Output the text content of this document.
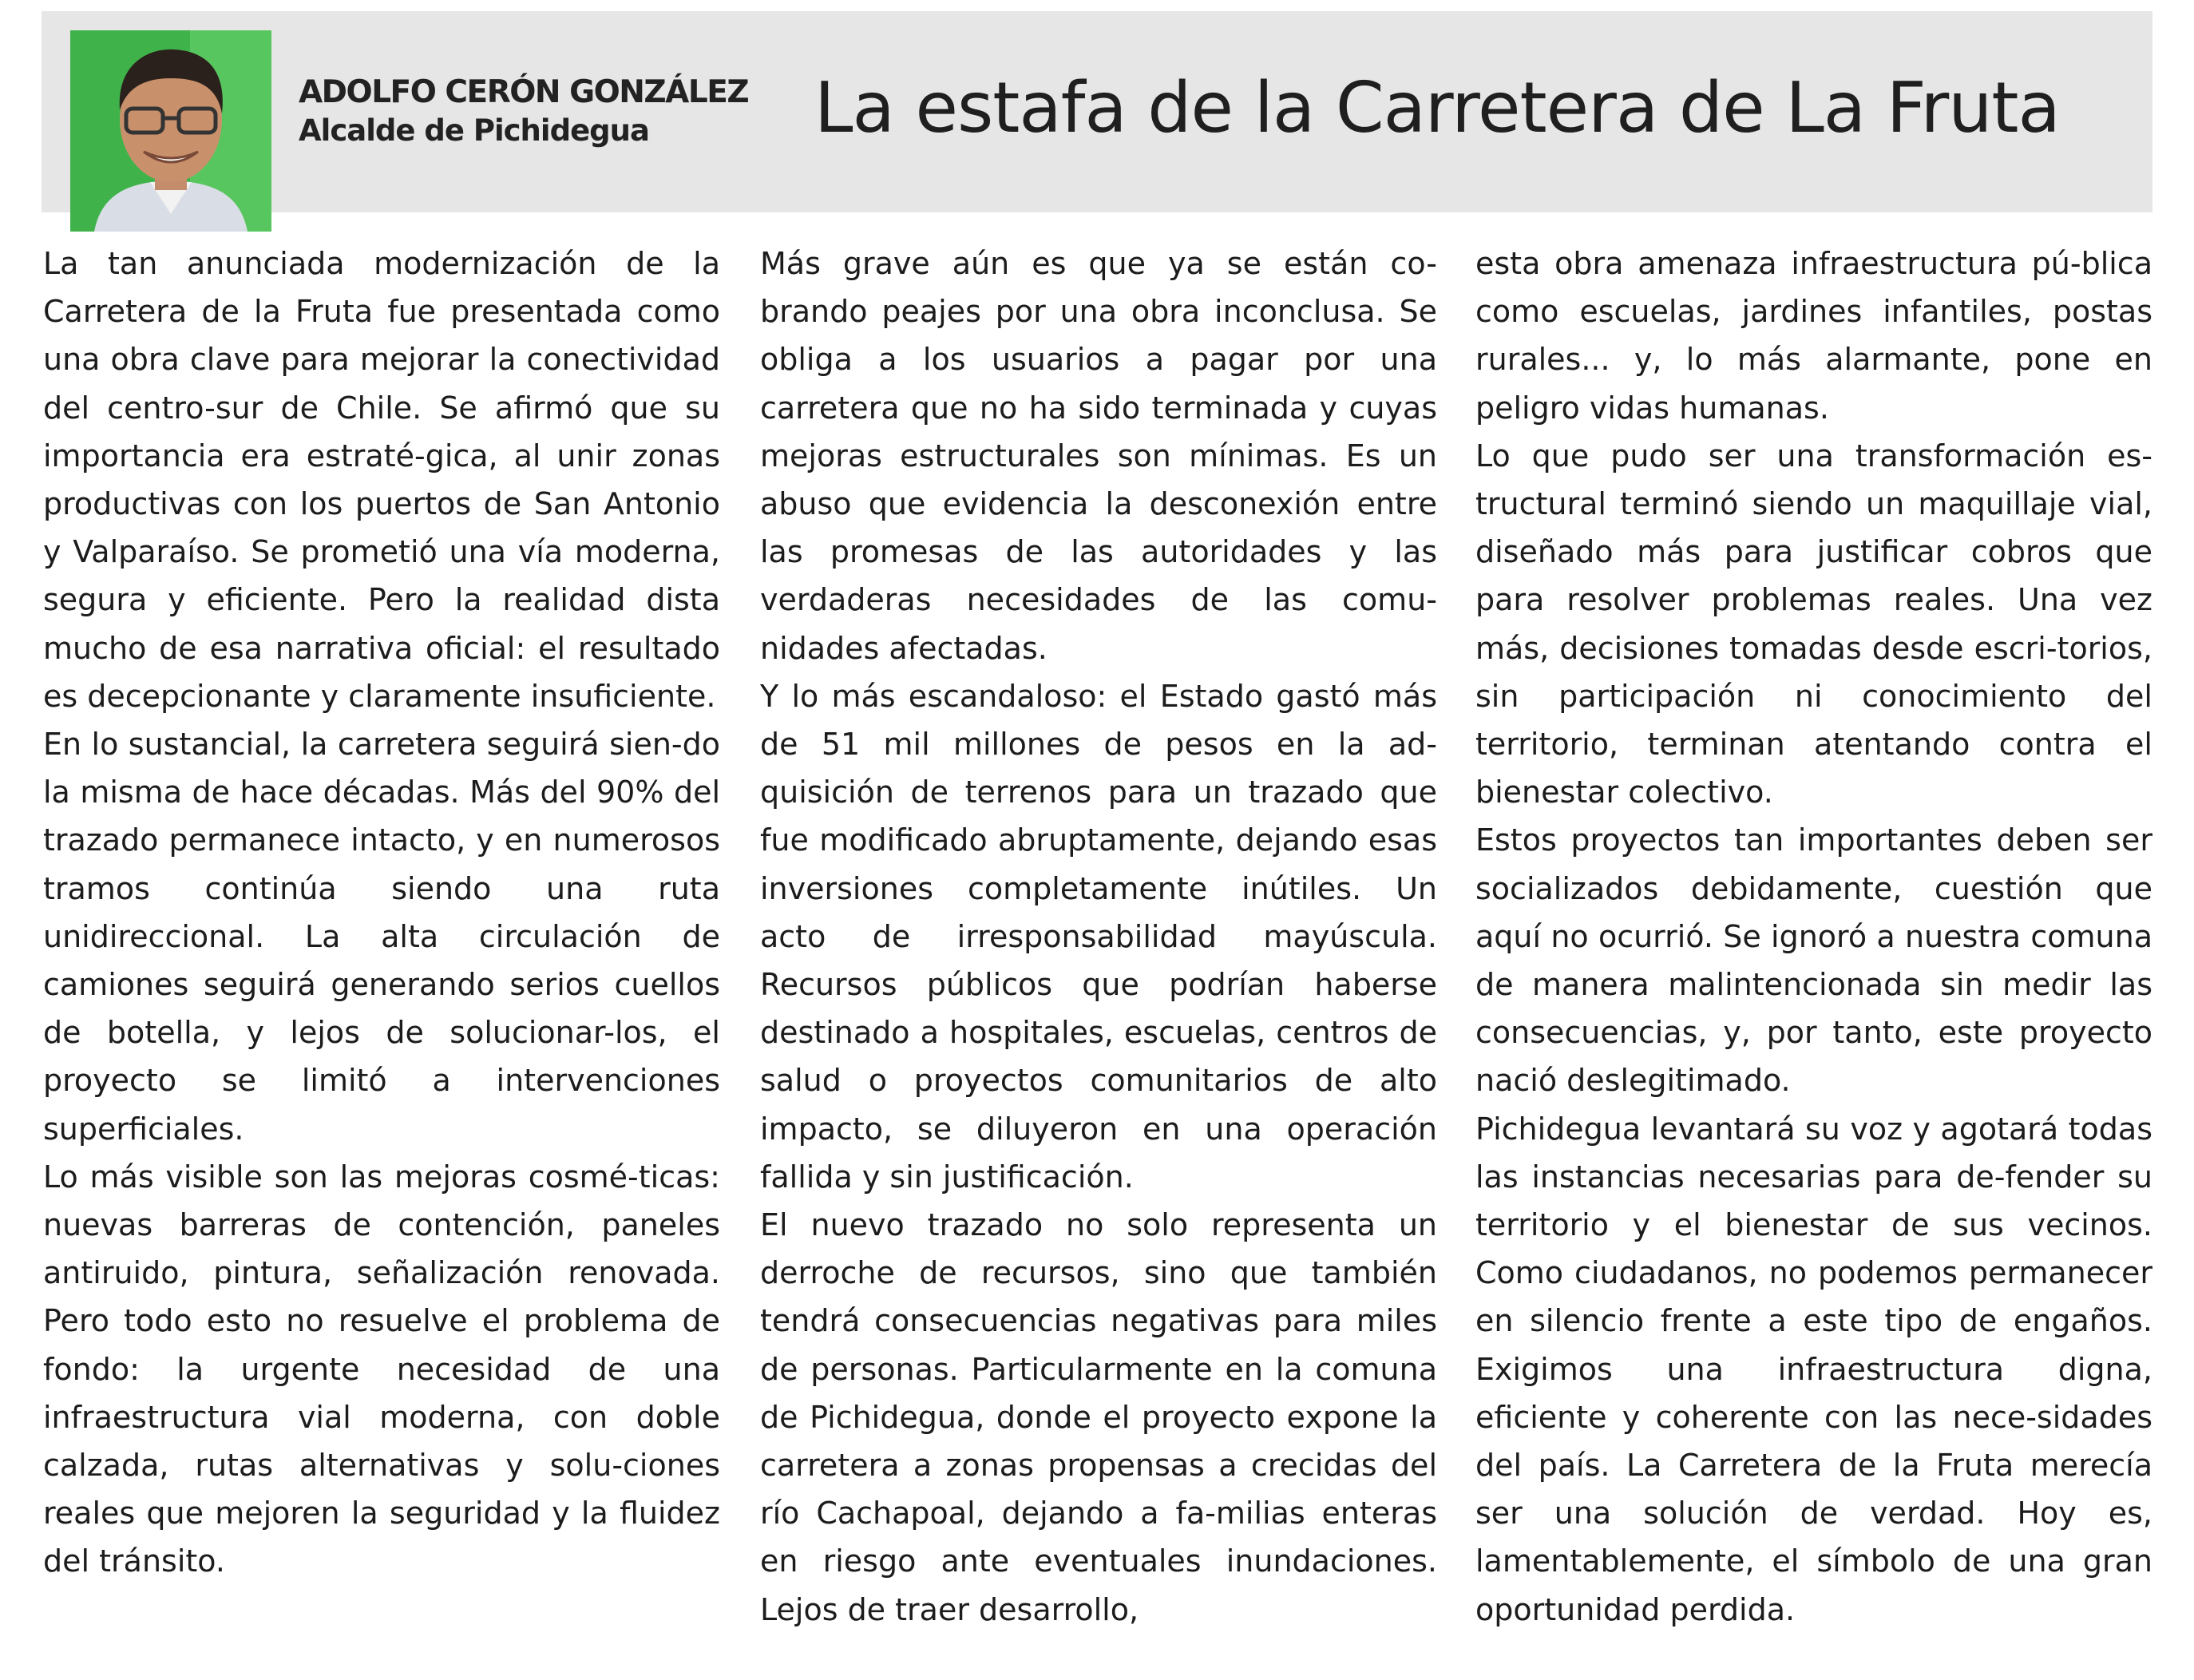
ADOLFO CERÓN GONZÁLEZ
Alcalde de Pichidegua	La estafa de la Carretera de La Fruta

La tan anunciada modernización de la Carretera de la Fruta fue presentada como una obra clave para mejorar la conectividad del centro-sur de Chile. Se afirmó que su importancia era estraté-gica, al unir zonas productivas con los puertos de San Antonio y Valparaíso. Se prometió una vía moderna, segura y eficiente. Pero la realidad dista mucho de esa narrativa oficial: el resultado es decepcionante y claramente insuficiente.

En lo sustancial, la carretera seguirá sien-do la misma de hace décadas. Más del 90% del trazado permanece intacto, y en numerosos tramos continúa siendo una ruta unidireccional. La alta circulación de camiones seguirá generando serios cuellos de botella, y lejos de solucionar-los, el proyecto se limitó a intervenciones superficiales.

Lo más visible son las mejoras cosmé-ticas: nuevas barreras de contención, paneles antiruido, pintura, señalización renovada. Pero todo esto no resuelve el problema de fondo: la urgente necesidad de una infraestructura vial moderna, con doble calzada, rutas alternativas y solu-ciones reales que mejoren la seguridad y la fluidez del tránsito.

Más grave aún es que ya se están co-brando peajes por una obra inconclusa. Se obliga a los usuarios a pagar por una carretera que no ha sido terminada y cuyas mejoras estructurales son mínimas. Es un abuso que evidencia la desconexión entre las promesas de las autoridades y las verdaderas necesidades de las comu-nidades afectadas.

Y lo más escandaloso: el Estado gastó más de 51 mil millones de pesos en la ad-quisición de terrenos para un trazado que fue modificado abruptamente, dejando esas inversiones completamente inútiles. Un acto de irresponsabilidad mayúscula. Recursos públicos que podrían haberse destinado a hospitales, escuelas, centros de salud o proyectos comunitarios de alto impacto, se diluyeron en una operación fallida y sin justificación.

El nuevo trazado no solo representa un derroche de recursos, sino que también tendrá consecuencias negativas para miles de personas. Particularmente en la comuna de Pichidegua, donde el proyecto expone la carretera a zonas propensas a crecidas del río Cachapoal, dejando a fa-milias enteras en riesgo ante eventuales inundaciones. Lejos de traer desarrollo,

esta obra amenaza infraestructura pú-blica como escuelas, jardines infantiles, postas rurales... y, lo más alarmante, pone en peligro vidas humanas.

Lo que pudo ser una transformación es-tructural terminó siendo un maquillaje vial, diseñado más para justificar cobros que para resolver problemas reales. Una vez más, decisiones tomadas desde escri-torios, sin participación ni conocimiento del territorio, terminan atentando contra el bienestar colectivo.

Estos proyectos tan importantes deben ser socializados debidamente, cuestión que aquí no ocurrió. Se ignoró a nuestra comuna de manera malintencionada sin medir las consecuencias, y, por tanto, este proyecto nació deslegitimado.

Pichidegua levantará su voz y agotará todas las instancias necesarias para de-fender su territorio y el bienestar de sus vecinos. Como ciudadanos, no podemos permanecer en silencio frente a este tipo de engaños. Exigimos una infraestructura digna, eficiente y coherente con las nece-sidades del país. La Carretera de la Fruta merecía ser una solución de verdad. Hoy es, lamentablemente, el símbolo de una gran oportunidad perdida.
